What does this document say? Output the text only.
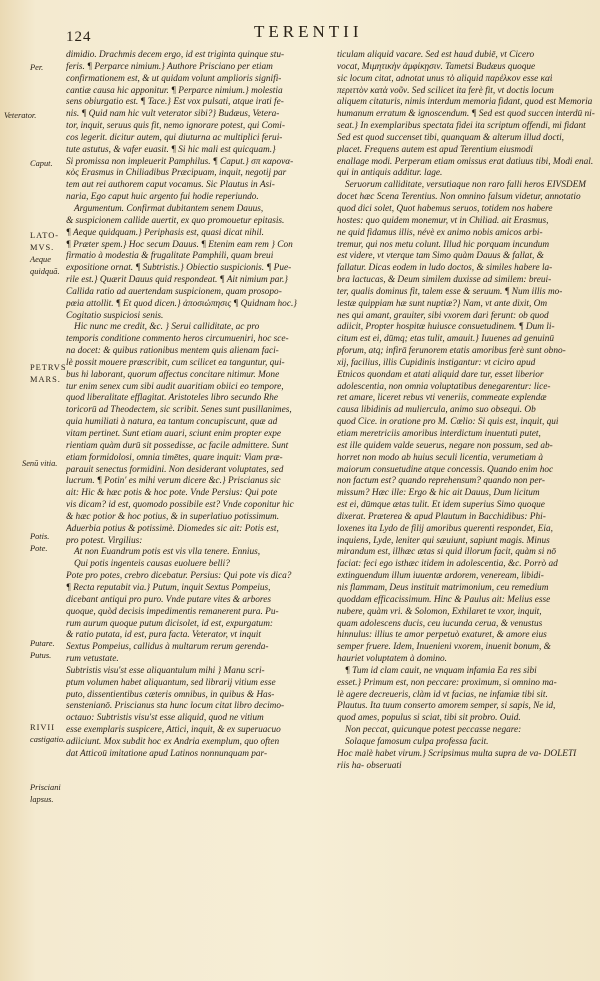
124	TERENTII
Per.
Veterator.
Caput.
LATO-
MVS.
Aeque
quidquā.
PETRVS
MARS.
Senū vitia.
Potis.
Pote.
Putare.
Putus.
RIVII
castigatio.
Prisciani
lapsus.
dimidio. Drachmis decem ergo, id est triginta quinque stu-
feris. ¶ Perparce nimium.} Authore Prisciano per etiam
confirmationem est, & ut quidam volunt amplioris signifi-
cantiæ causa hic apponitur. ¶ Perparce nimium.} molestia
sens obiurgatio est. ¶ Tace.} Est vox pulsati, atque irati fe-
nis. ¶ Quid nam hic vult veterator sibi?} Budæus, Vetera-
tor, inquit, seruus quis fit, nemo ignorare potest, qui Comi-
cos legerit. dicitur autem, qui diuturna ac multiplici ferui-
tute astutus, & vafer euasit. ¶ Si hic mali est quicquam.}
Si promissa non impleuerit Pamphilus. ¶ Caput.} σπ καρονα-
κὸς Erasmus in Chiliadibus Præcipuam, inquit, negotij par
tem aut rei authorem caput vocamus. Sic Plautus in Asi-
naria, Ego caput huic argento fui hodie reperiundo.
Argumentum. Confirmat dubitantem senem Dauus,
& suspicionem callide auertit, ex quo promouetur epitasis.
¶ Aeque quidquam.} Periphasis est, quasi dicat nihil.
¶ Præter spem.} Hoc secum Dauus. ¶ Etenim eam rem } Con
firmatio à modestia & frugalitate Pamphili, quam breui
expositione ornat. ¶ Subtristis.} Obiectio suspicionis. ¶ Pue-
rile est.} Quærit Dauus quid respondeat. ¶ Ait nimium par.}
Callida ratio ad auertendam suspicionem, quam prosopo-
pœia attollit. ¶ Et quod dicen.} ἀποσιώπησις ¶ Quidnam hoc.}
Cogitatio suspiciosi senis.
Hic nunc me credit, &c. } Serui calliditate, ac pro
temporis conditione commento heros circumueniri, hoc sce-
na docet: & quibus rationibus mentem quis alienam faci-
lè possit mouere præscribit, cum scilicet ea tanguntur, qui-
bus hi laborant, quorum affectus concitare nitimur. Mone
tur enim senex cum sibi audit auaritiam obiici eo tempore,
quod liberalitate efflagitat. Aristoteles libro secundo Rhe
toricorū ad Theodectem, sic scribit. Senes sunt pusillanimes,
quia humiliati à natura, ea tantum concupiscunt, quæ ad
vitam pertinet. Sunt etiam auari, sciunt enim propter expe
rientiam quàm durū sit possedisse, ac facile admittere. Sunt
etiam formidolosi, omnia timētes, quare inquit: Viam præ-
parauit senectus formidini. Non desiderant voluptates, sed
lucrum. ¶ Potin' es mihi verum dicere &c.} Priscianus sic
ait: Hic & hæc potis & hoc pote. Vnde Persius: Qui pote
vis dicam? id est, quomodo possibile est? Vnde coponitur hic
& hæc potior & hoc potius, & in superlatiuo potissimum.
Aduerbia potius & potissimè. Diomedes sic ait: Potis est,
pro potest. Virgilius:
At non Euandrum potis est vis vlla tenere. Ennius,
Qui potis ingenteis causas euoluere belli?
Pote pro potes, crebro dicebatur. Persius: Qui pote vis dica?
¶ Recta reputabit via.} Putum, inquit Sextus Pompeius,
dicebant antiqui pro puro. Vnde putare vites & arbores
quoque, quòd decisis impedimentis remanerent pura. Pu-
rum aurum quoque putum dicisolet, id est, expurgatum:
& ratio putata, id est, pura facta. Veterator, vt inquit
Sextus Pompeius, callidus à multarum rerum gerenda-
rum vetustate.
Subtristis visu'st esse aliquantulum mihi } Manu scri-
ptum volumen habet aliquantum, sed librarij vitium esse
puto, dissentientibus cæteris omnibus, in quibus & Has-
senstenianō. Priscianus sta hunc locum citat libro decimo-
octauo: Subtristis visu'st esse aliquid, quod ne vitium
esse exemplaris suspicere, Attici, inquit, & ex superuacuo
adiiciunt. Mox subdit hoc ex Andria exemplum, quo often
dat Atticoū imitatione apud Latinos nonnunquam par-
ticulam aliquid vacare. Sed est haud dubiē, vt Cicero
vocat, Μιμητικὴν ἀμφίκῃσιν. Tametsi Budæus quoque
sic locum citat, adnotat unus τὸ aliquid παρέλκον esse καὶ
περιττὸν κατὰ νοῦν. Sed scilicet ita ferè fit, vt doctis locum
aliquem citaturis, nimis interdum memoria fidant, quod est Memoria
humanum erratum & ignoscendum. ¶ Sed est quod succen interdū ni-
seat.} In exemplaribus spectata fidei ita scriptum offendi, mi fidant
Sed est quod succenset tibi, quanquam & alterum illud docti,
placet. Frequens autem est apud Terentium eiusmodi
enallage modi. Perperam etiam omissus erat datiuus tibi, Modi enal.
qui in antiquis additur. lage.
Seruorum calliditate, versutiaque non raro falli heros EIVSDEM
docet hæc Scena Terentius. Non omnino falsum videtur, annotatio
quod dici solet, Quot habemus seruos, totidem nos habere
hostes: quo quidem monemur, vt in Chiliad. ait Erasmus,
ne quid fidamus illis, névè ex animo nobis amicos arbi-
tremur, qui nos metu colunt. Illud hic porquam incundum
est videre, vt vterque tam Simo quàm Dauus & fallat, &
fallatur. Dicas eodem in ludo doctos, & similes habere la-
bra lactucas, & Deum similem duxisse ad similem: breui-
ter, qualis dominus fit, talem esse & seruum. ¶ Num illis mo-
lestæ quippiam hæ sunt nuptiæ?} Nam, vt ante dixit, Om
nes qui amant, grauiter, sibi vxorem dari ferunt: ob quod
adiicit, Propter hospitæ huiusce consuetudinem. ¶ Dum li-
citum est ei, dūmq; etas tulit, amauit.} Iuuenes ad genuinū
pforum, atq; infirā ferunorem etatis amoribus ferè sunt obno-
xij, facilius, illis Cupidinis instigantur: vt ciciro apud
Etnicos quondam et atati aliquid dare tur, esset liberior
adolescentia, non omnia voluptatibus denegarentur: lice-
ret amare, liceret rebus vti veneriis, commeate explendæ
causa libidinis ad muliercula, animo suo obsequi. Ob
quod Cice. in oratione pro M. Cœlio: Si quis est, inquit, qui
etiam meretriciis amoribus interdictum inuentuti putet,
est ille quidem valde seuerus, negare non possum, sed ab-
horret non modo ab huius seculi licentia, verumetiam à
maiorum consuetudine atque concessis. Quando enim hoc
non factum est? quando reprehensum? quando non per-
missum? Hæc ille: Ergo & hic ait Dauus, Dum licitum
est ei, dūmque ætas tulit. Et idem superius Simo quoque
dixerat. Præterea & apud Plautum in Bacchidibus: Phi-
loxenes ita Lydo de filij amoribus querenti respondet, Eia,
inquiens, Lyde, leniter qui sæuiunt, sapiunt magis. Minus
mirandum est, illhæc ætas si quid illorum facit, quàm si nō
faciat: feci ego isthæc itidem in adolescentia, &c. Porrò ad
extinguendum illum iuuentæ ardorem, veneream, libidi-
nis flammam, Deus instituit matrimonium, ceu remedium
quoddam efficacissimum. Hinc & Paulus ait: Melius esse
nubere, quàm vri. & Solomon, Exhilaret te vxor, inquit,
quam adolescens ducis, ceu iucunda cerua, & venustus
hinnulus: illius te amor perpetuò exaturet, & amore eius
semper fruere. Idem, Inuenieni vxorem, inuenit bonum, &
hauriet voluptatem à domino.
¶ Tum id clam cauit, ne vnquam infamia Ea res sibi
esset.} Primum est, non peccare: proximum, si omnino ma-
lè agere decreueris, clàm id vt facias, ne infamiæ tibi sit.
Plautus. Ita tuum conserto amorem semper, si sapis, Ne id,
quod ames, populus si sciat, tibi sit probro. Ouid.
Non peccat, quicunque potest peccasse negare:
Solaque famosum culpa professa facit.
Hoc malè habet virum.} Scripsimus multa supra de va- DOLETI
riis ha- obseruati
